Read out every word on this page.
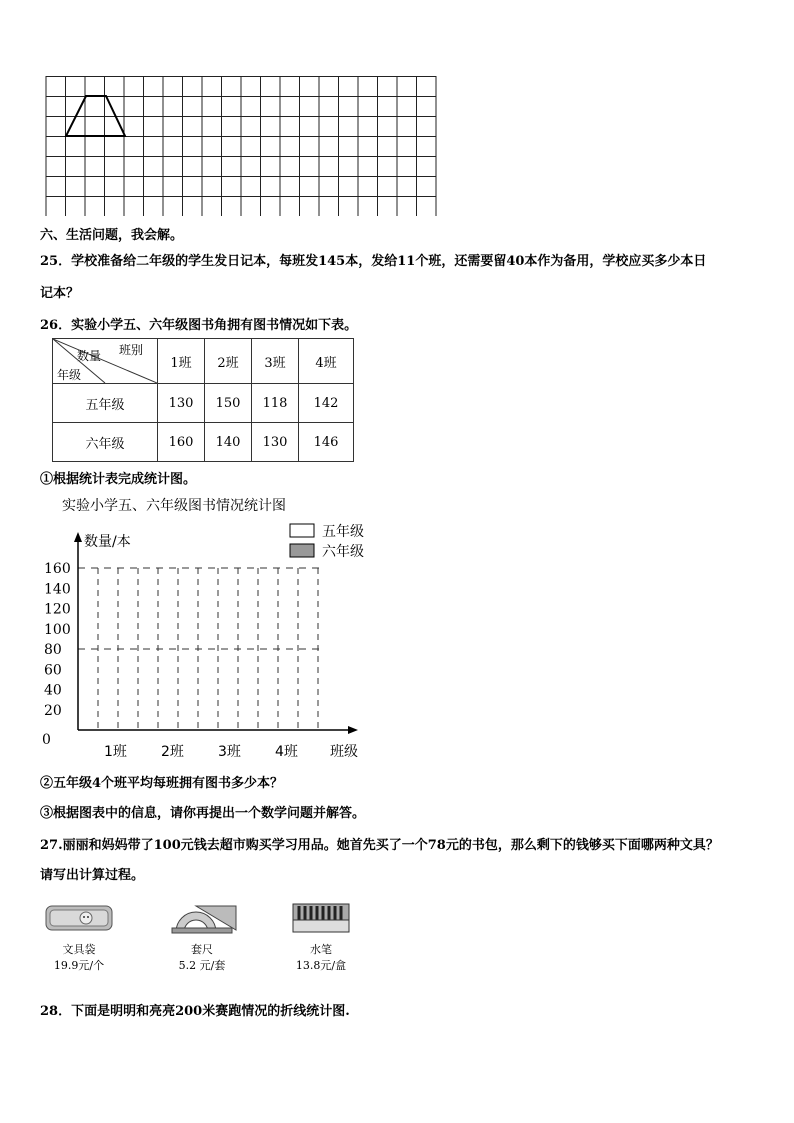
六、生活问题，我会解。
25．学校准备给二年级的学生发日记本，每班发145本，发给11个班，还需要留40本作为备用，学校应买多少本日
记本？
26．实验小学五、六年级图书角拥有图书情况如下表。
班别
数量
年级	1班	2班	3班	4班
五年级	130	150	118	142
六年级	160	140	130	146
①根据统计表完成统计图。
实验小学五、六年级图书情况统计图
数量/本
班级
五年级
六年级
0
20
40
60
80
100
120
140
160
1班 2班 3班 4班
②五年级4个班平均每班拥有图书多少本？
③根据图表中的信息，请你再提出一个数学问题并解答。
27.丽丽和妈妈带了100元钱去超市购买学习用品。她首先买了一个78元的书包，那么剩下的钱够买下面哪两种文具？
请写出计算过程。
文具袋
19.9元/个
套尺
5.2 元/套
水笔
13.8元/盒
28．下面是明明和亮亮200米赛跑情况的折线统计图.
